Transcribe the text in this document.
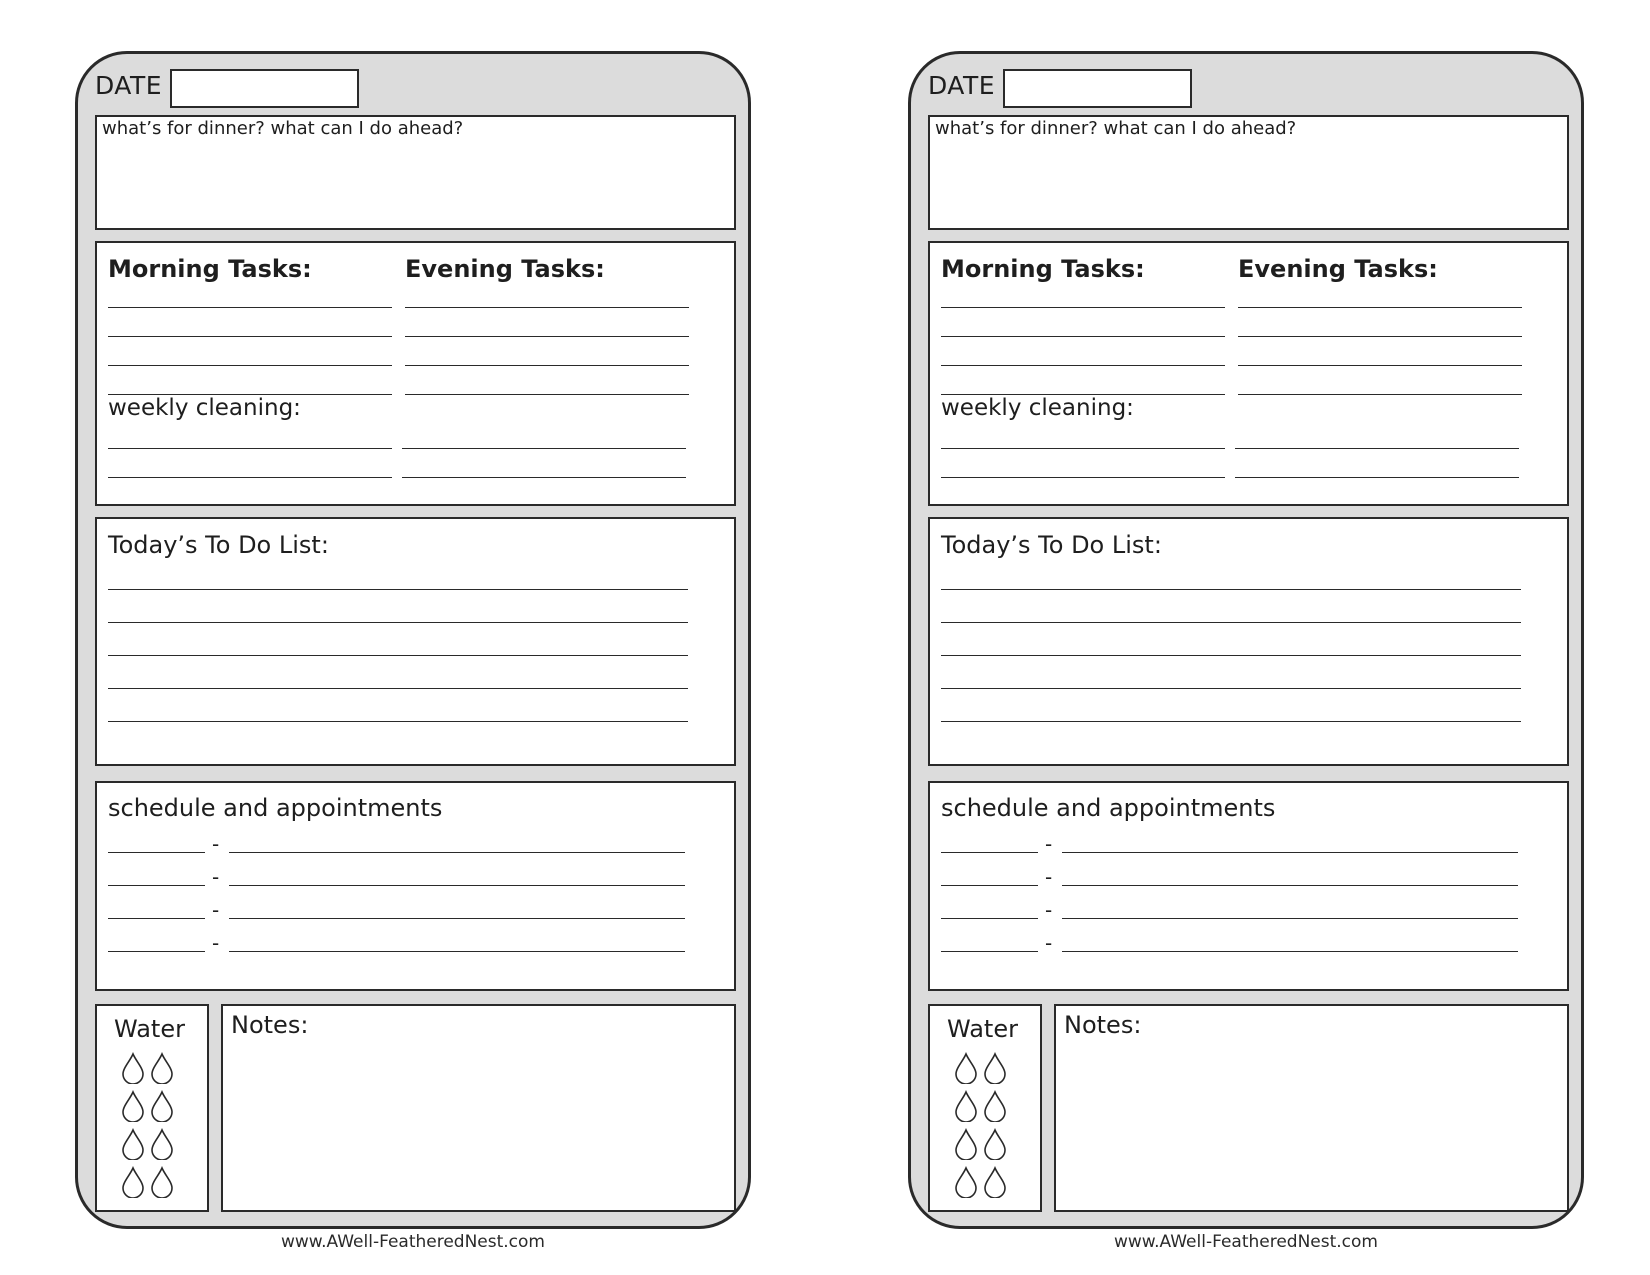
DATE
what’s for dinner? what can I do ahead?
Morning Tasks:	Evening Tasks:
weekly cleaning:
Today’s To Do List:
schedule and appointments
-
-
-
-
Water Notes:
www.AWell-FeatheredNest.com
DATE
what’s for dinner? what can I do ahead?
Morning Tasks:	Evening Tasks:
weekly cleaning:
Today’s To Do List:
schedule and appointments
-
-
-
-
Water Notes:
www.AWell-FeatheredNest.com
